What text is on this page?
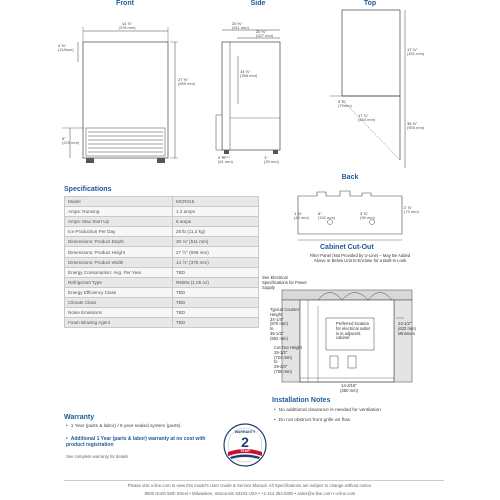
Front
14 ⅞"
(378 mm)
4 ⅝"
(118mm)
27 ½"
(699 mm)
9"
(229 mm)
Side
20 ⅛"
(511 mm)
20 ¾"
(527 mm)
14 ⅛"
(358 mm)
2 ⅜"
(61 mm)
1"
(25 mm)
Top
17 ¾"
(451 mm)
3 ⅛"
(79mm)
17 ⅞"
(454 mm)
35 ⅝"
(905 mm)
Specifications
Model	MCR015
Amps: Running	1.2 amps
Amps: Max Start Up	6 amps
Ice Production Per Day	25 lb (11,3 kg)
Dimensions: Product Depth	20 ⅛" (511 mm)
Dimensions: Product Height	27 ½" (699 mm)
Dimensions: Product Width	14 ⅞" (378 mm)
Energy Consumption: Avg. Per Year	TBD
Refrigerant Type	R600a (1.05 oz)
Energy Efficiency Class	TBD
Climate Class	TBD
Noise Emissions	TBD
Foam Blowing Agent	TBD
Back
1 ¾"
(44 mm)
6"
(152 mm)
3 ⅞"
(98 mm)
2 ⅞"
(73 mm)
Cabinet Cut-Out
Filter Panel (Not Provided by U-Line) – May Be Added Above or Below Unit to Enclose for a Built-in Look
See Electrical Specifications for Power Supply
Typical Counter Height
34-1/4"
(870 mm)
to
35-1/2"
(902 mm)
Cut-Out Height
28-1/2"
(724 mm)
to
29-3/4"
(756 mm)
Preferred location for electrical outlet is in adjacent cabinet
24-1/2"
(622 mm)
Minimum
14-3/16"
(360 mm)
Installation Notes
• No additional clearance is needed for ventilation
• Do not obstruct front grille air flow
Warranty
• 1 Year (parts & labor) / 5 year sealed system (parts)
• Additional 1 Year (parts & labor) warranty at no cost with product registration
See complete warranty for details
WARRANTY
2
YEAR
Please visit u-line.com to view this model's User Guide & Service Manual. All Specifications are subject to change without notice.
8900 North 55th Street • Milwaukee, Wisconsin 53223 USA • +1.414.354.0300 • sales@u-line.com • u-line.com
